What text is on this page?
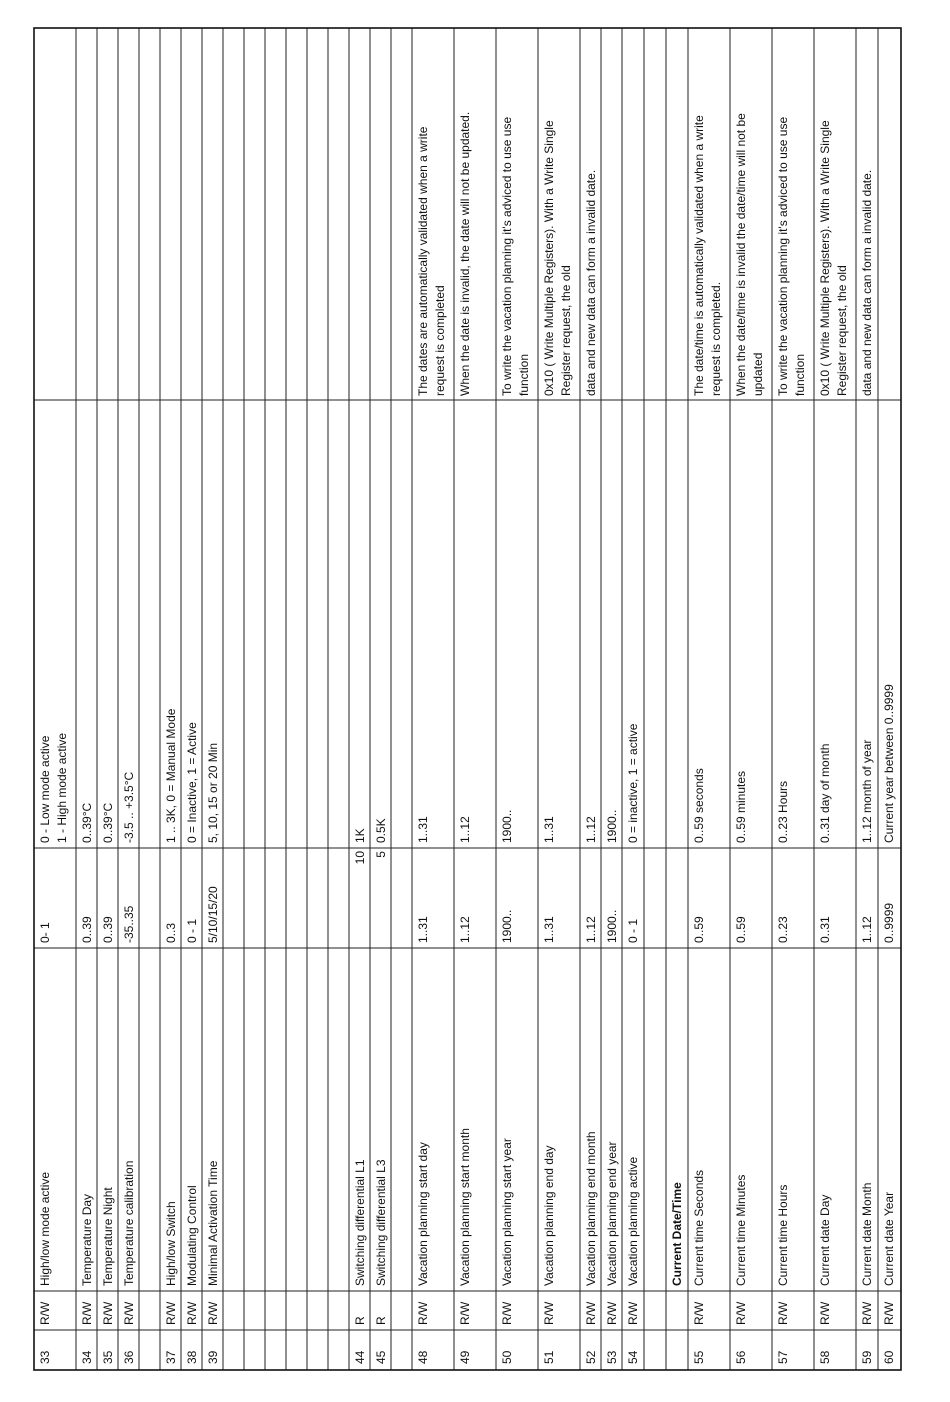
33
R/W
High/low mode active
0- 1
0 - Low mode active 1 - High mode active
34
R/W
Temperature Day
0..39
0..39°C
35
R/W
Temperature Night
0..39
0..39°C
36
R/W
Temperature calibration
-35..35
-3.5 .. +3.5°C
37
R/W
High/low Switch
0..3
1 .. 3K, 0 = Manual Mode
38
R/W
Modulating Control
0 - 1
0 = Inactive, 1 = Active
39
R/W
Minimal Activation Time
5/10/15/20
5, 10, 15 or 20 Min
44
R
Switching differential L1
10
1K
45
R
Switching differential L3
5
0.5K
48
R/W
Vacation planning start day
1..31
1..31
The dates are automatically validated when a write request is completed
49
R/W
Vacation planning start month
1..12
1..12
When the date is invalid, the date will not be updated.
50
R/W
Vacation planning start year
1900..
1900..
To write the vacation planning it's adviced to use use function
51
R/W
Vacation planning end day
1..31
1..31
0x10 ( Write Multiple Registers). With a Write Single Register request, the old
52
R/W
Vacation planning end month
1..12
1..12
data and new data can form a invalid date.
53
R/W
Vacation planning end year
1900..
1900..
54
R/W
Vacation planning active
0 - 1
0 = inactive, 1 = active
Current Date/Time
55
R/W
Current time Seconds
0..59
0..59 seconds
The date/time is automatically validated when a write request is completed.
56
R/W
Current time Minutes
0..59
0..59 minutes
When the date/time is invalid the date/time will not be updated
57
R/W
Current time Hours
0..23
0..23 Hours
To write the vacation planning it's adviced to use use function
58
R/W
Current date Day
0..31
0..31 day of month
0x10 ( Write Multiple Registers). With a Write Single Register request, the old
59
R/W
Current date Month
1..12
1..12 month of year
data and new data can form a invalid date.
60
R/W
Current date Year
0..9999
Current year between 0..9999
